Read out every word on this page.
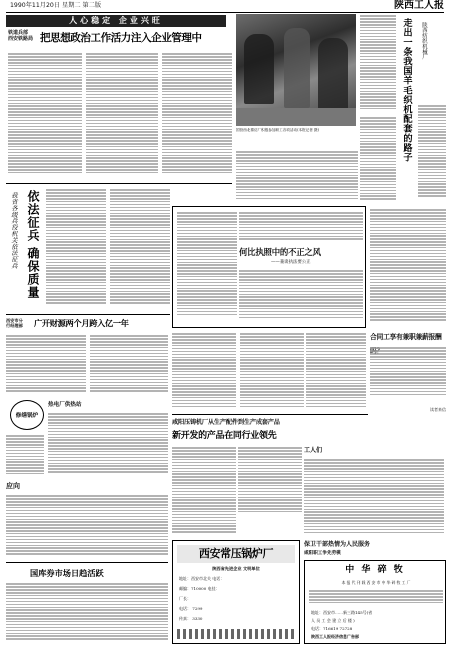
1990年11月20日 星期二 第二版	陕西工人报
人心稳定 企业兴旺
铁道兵部
西安铁路局 把思想政治工作活力注入企业管理中
国营西北棉纺厂积极参加职工各项活动(本报记者 摄)	走出一条我国羊毛织机配套的路子	陕西纺织机械厂
依法征兵 确保质量
我省各级兵役机关依法征兵	何比执照中的不正之风
——兼谈执法要公正
合同工享有兼职兼薪报酬
读者来信
西安市分
行经理部	广开财源两个月跨入亿一年
修缮锅炉
热电厂供热站
应向
咸阳压铸机厂从生产配件到生产成套产品
新开发的产品在同行业领先
工人们
国库券市场日趋活跃
西安常压锅炉厂
陕西省先进企业 文明单位
地址：西安市北关 电话：
邮编：710000 电挂：
厂长：
电话： 7299
传真： 3330
保卫干部热情为人民服务
咸阳职工争先劳模
中 华 碎 牧
本 报 代 刊 载 西 安 市 中 华 碎 牧 工 厂
地址：西安市……新三路145号(省
人 员 工 会 建 立 后 楼 )
电话：716619 72728
陕西工人报经济信息广告部
